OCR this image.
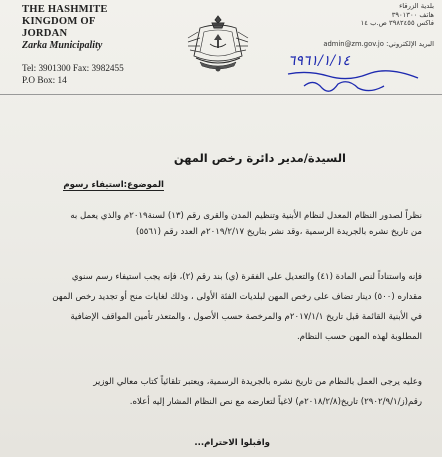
THE HASHMITE
KINGDOM OF
JORDAN
Zarka Municipality
Tel: 3901300 Fax: 3982455
P.O Box: 14
بلدية الزرقاء
هاتف ٣٩٠١٣٠٠
فاكس ٣٩٨٢٤٥٥ ص.ب ١٤
البريد الإلكتروني: admin@zm.gov.jo
٦٩٦١/١/١٤
السيدة/مدير دائرة رخص المهن
الموضوع:استيفاء رسوم
نظراً لصدور النظام المعدل لنظام الأبنية وتنظيم المدن والقرى رقم (١٣) لسنة٢٠١٩م والذي يعمل به
من تاريخ نشره بالجريدة الرسمية ،وقد نشر بتاريخ ٢٠١٩/٢/١٧م العدد رقم (٥٥٦١)
فإنه واستناداً لنص المادة (٤١) والتعديل على الفقرة (ي) بند رقم (٢)، فإنه يجب استيفاء رسم سنوي
مقداره (٥٠٠) دينار تضاف على رخص المهن لبلديات الفئة الأولى ، وذلك لغايات منح أو تجديد رخص المهن
في الأبنية القائمة قبل تاريخ ٢٠١٧/١/١م والمرخصة حسب الأصول ، والمتعذر تأمين المواقف الإضافية
المطلوبة لهذه المهن حسب النظام.
وعليه يرجى العمل بالنظام من تاريخ نشره بالجريدة الرسمية، ويعتبر تلقائياً كتاب معالي الوزير
رقم(ز/٢٩٠٢/٩/١) تاريخ(٢٠١٨/٢/٨م) لاغياً لتعارضه مع نص النظام المشار إليه أعلاه.
واقبلوا الاحترام...
